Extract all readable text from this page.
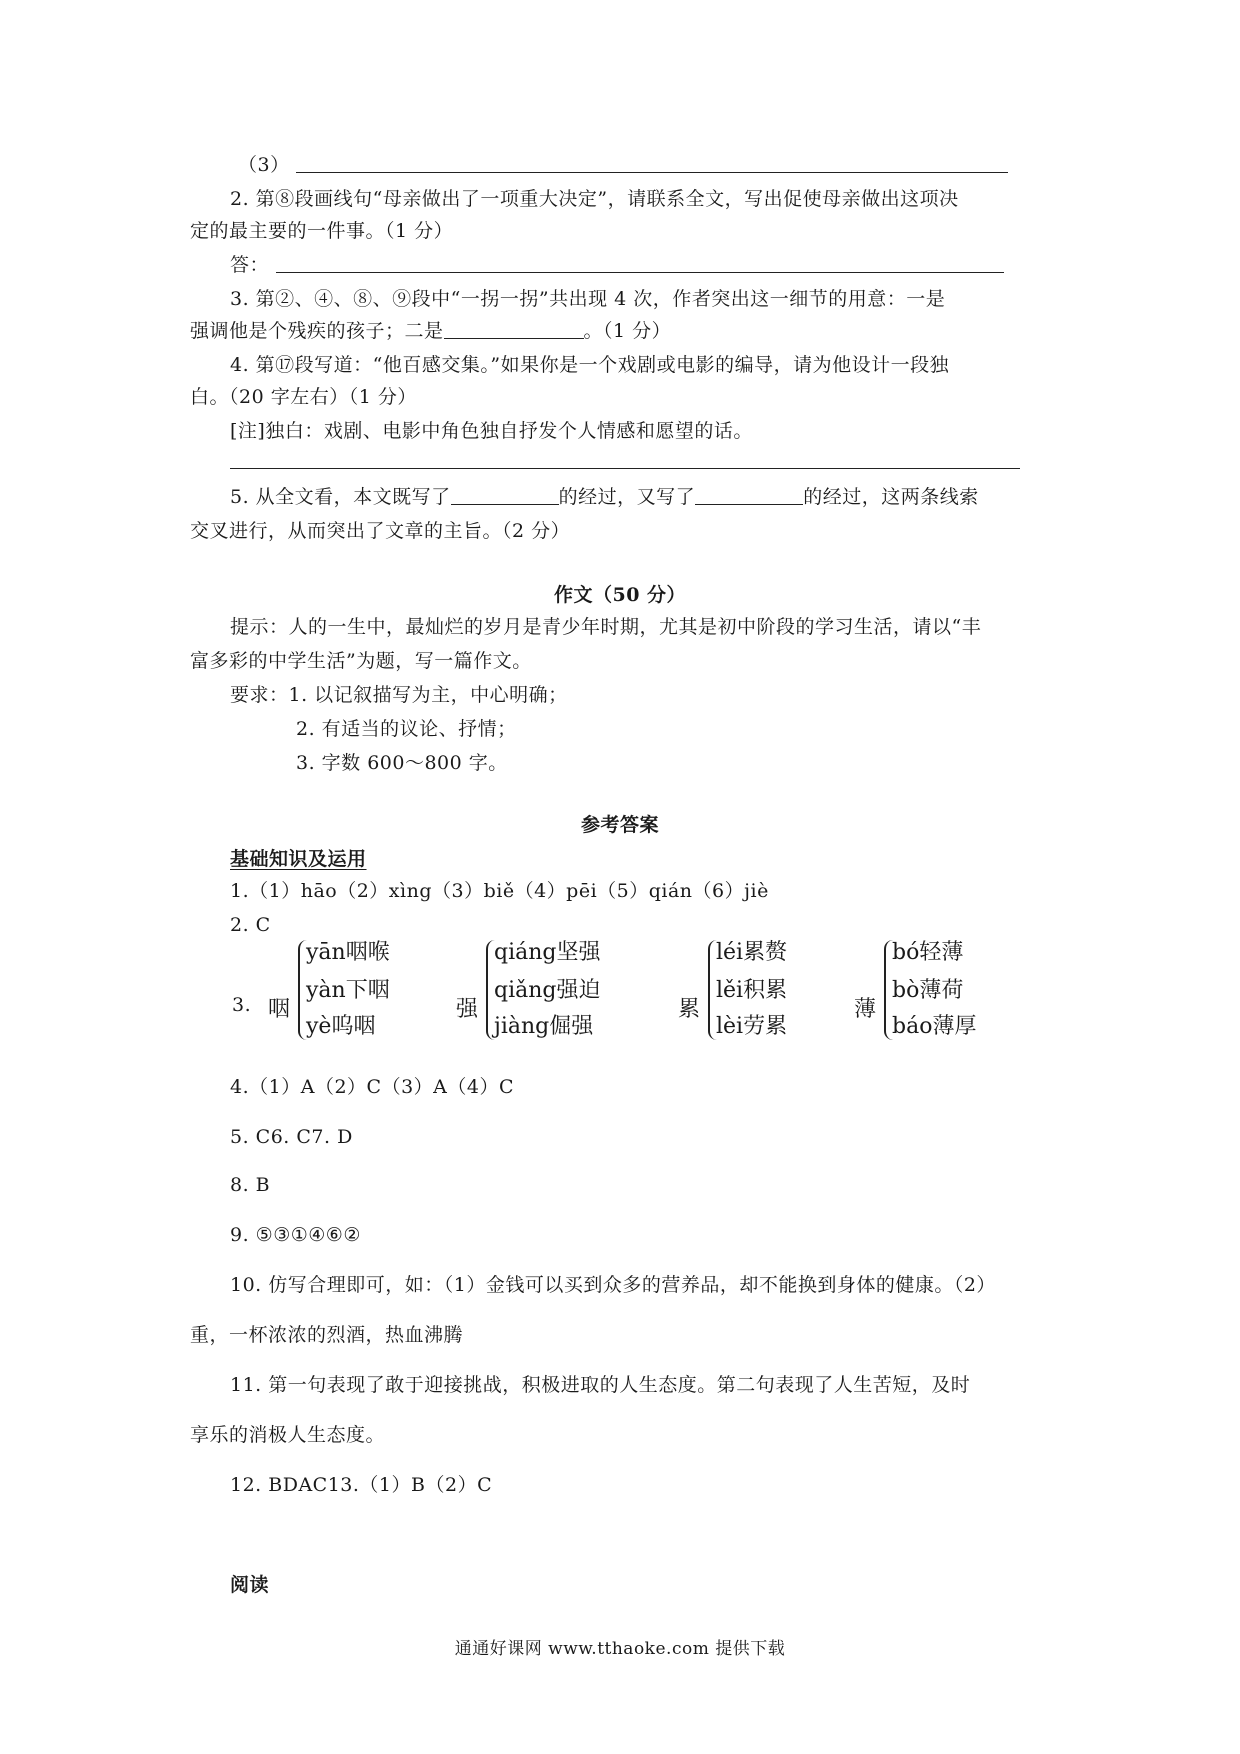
（3）
2. 第⑧段画线句“母亲做出了一项重大决定”，请联系全文，写出促使母亲做出这项决
定的最主要的一件事。（1 分）
答：
3. 第②、④、⑧、⑨段中“一拐一拐”共出现 4 次，作者突出这一细节的用意：一是
强调他是个残疾的孩子；二是	。（1 分）
4. 第⑰段写道：“他百感交集。”如果你是一个戏剧或电影的编导，请为他设计一段独
白。（20 字左右）（1 分）
[注]独白：戏剧、电影中角色独自抒发个人情感和愿望的话。
5. 从全文看，本文既写了	的经过，又写了	的经过，这两条线索
交叉进行，从而突出了文章的主旨。（2 分）
作文（50 分）
提示：人的一生中，最灿烂的岁月是青少年时期，尤其是初中阶段的学习生活，请以“丰
富多彩的中学生活”为题，写一篇作文。
要求：1. 以记叙描写为主，中心明确；
2. 有适当的议论、抒情；
3. 字数 600～800 字。
参考答案
基础知识及运用
1.（1）hāo（2）xìng（3）biě（4）pēi（5）qián（6）jiè
2. C
3. 咽
yān咽喉
yàn下咽
yè呜咽
强
qiáng坚强
qiǎng强迫
jiàng倔强
累
léi累赘
lěi积累
lèi劳累
薄
bó轻薄
bò薄荷
báo薄厚
4.（1）A（2）C（3）A（4）C
5. C6. C7. D
8. B
9. ⑤③①④⑥②
10. 仿写合理即可，如：（1）金钱可以买到众多的营养品，却不能换到身体的健康。（2）
重，一杯浓浓的烈酒，热血沸腾
11. 第一句表现了敢于迎接挑战，积极进取的人生态度。第二句表现了人生苦短，及时
享乐的消极人生态度。
12. BDAC13.（1）B（2）C
阅读
通通好课网 www.tthaoke.com 提供下载
